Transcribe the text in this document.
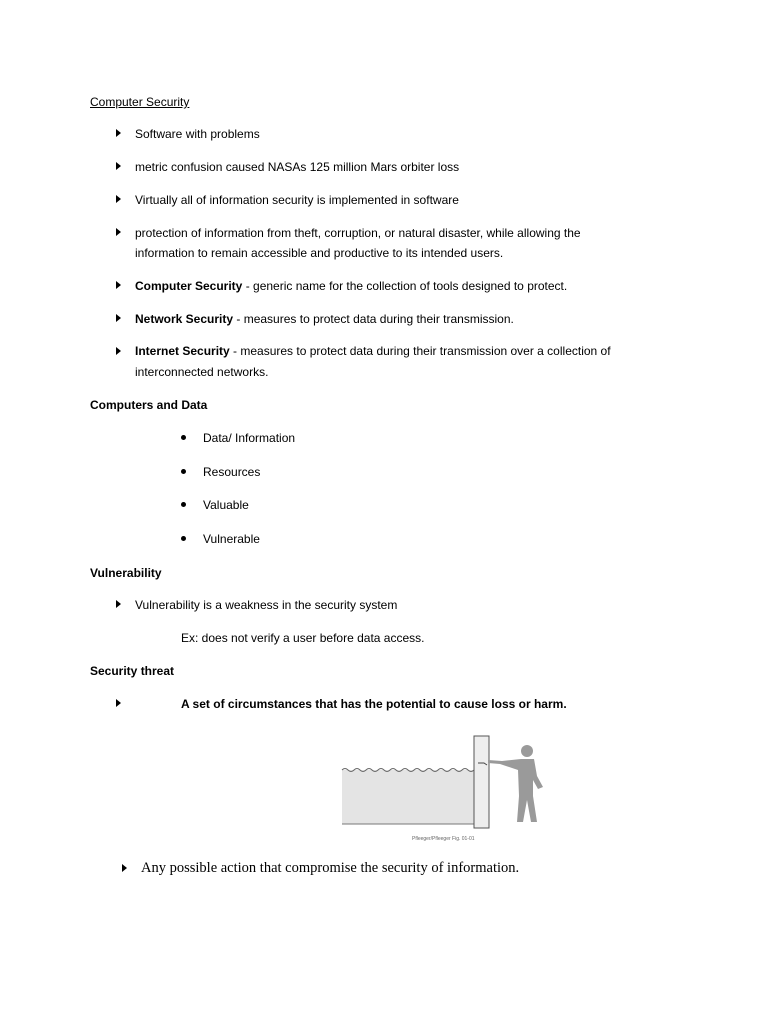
Computer Security
Software with problems
metric confusion caused NASAs 125 million Mars orbiter loss
Virtually all of information security is implemented in software
protection of information from theft, corruption, or natural disaster, while allowing the
information to remain accessible and productive to its intended users.
Computer Security - generic name for the collection of tools designed to protect.
Network Security - measures to protect data during their transmission.
Internet Security - measures to protect data during their transmission over a collection of
interconnected networks.
Computers and Data
Data/ Information
Resources
Valuable
Vulnerable
Vulnerability
Vulnerability is a weakness in the security system
Ex: does not verify a user before data access.
Security threat
A set of circumstances that has the potential to cause loss or harm.
Pfleeger/Pfleeger Fig. 01-01
Any possible action that compromise the security of information.
